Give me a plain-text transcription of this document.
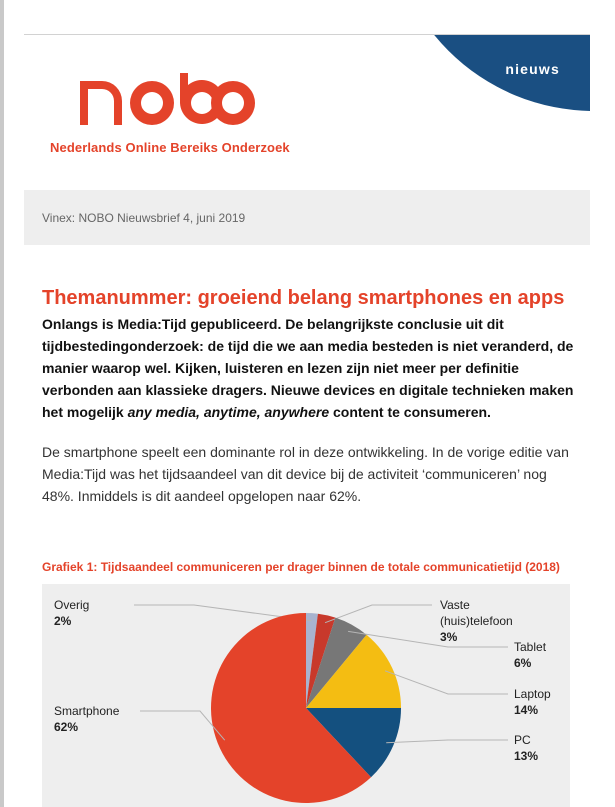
nieuws
Nederlands Online Bereiks Onderzoek
Vinex: NOBO Nieuwsbrief 4, juni 2019
Themanummer: groeiend belang smartphones en apps

Onlangs is Media:Tijd gepubliceerd. De belangrijkste conclusie uit dit tijdbestedingonderzoek: de tijd die we aan media besteden is niet veranderd, de manier waarop wel. Kijken, luisteren en lezen zijn niet meer per definitie verbonden aan klassieke dragers. Nieuwe devices en digitale technieken maken het mogelijk any media, anytime, anywhere content te consumeren.

De smartphone speelt een dominante rol in deze ontwikkeling. In de vorige editie van Media:Tijd was het tijdsaandeel van dit device bij de activiteit ‘communiceren’ nog 48%. Inmiddels is dit aandeel opgelopen naar 62%.

Grafiek 1: Tijdsaandeel communiceren per drager binnen de totale communicatietijd (2018)
Overig
2%
Vaste
(huis)telefoon
3%
Tablet
6%
Laptop
14%
PC
13%
Smartphone
62%
